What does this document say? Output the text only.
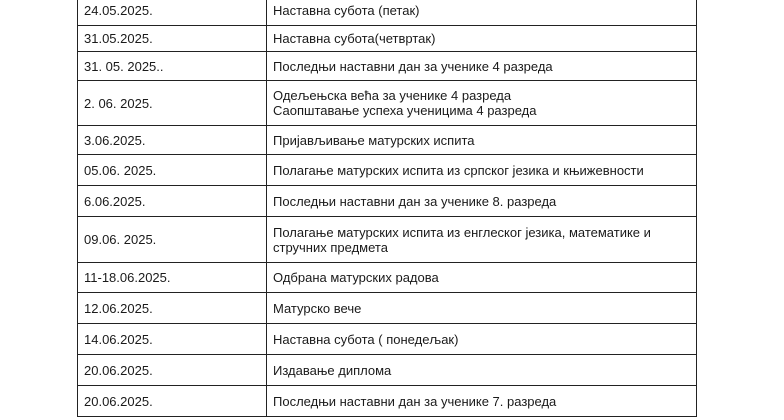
24.05.2025.	Наставна субота (петак)

31.05.2025.	Наставна субота(четвртак)

31. 05. 2025..	Последњи наставни дан за ученике 4 разреда

2. 06. 2025.	Одељењска већа за ученике 4 разреда
Саопштавање успеха ученицима 4 разреда

3.06.2025.	Пријављивање матурских испита

05.06. 2025.	Полагање матурских испита из српског језика и књижевности

6.06.2025.	Последњи наставни дан за ученике 8. разреда

09.06. 2025.	Полагање матурских испита из енглеског језика, математике и
стручних предмета

11-18.06.2025.	Одбрана матурских радова

12.06.2025.	Матурско вече

14.06.2025.	Наставна субота ( понедељак)

20.06.2025.	Издавање диплома

20.06.2025.	Последњи наставни дан за ученике 7. разреда
